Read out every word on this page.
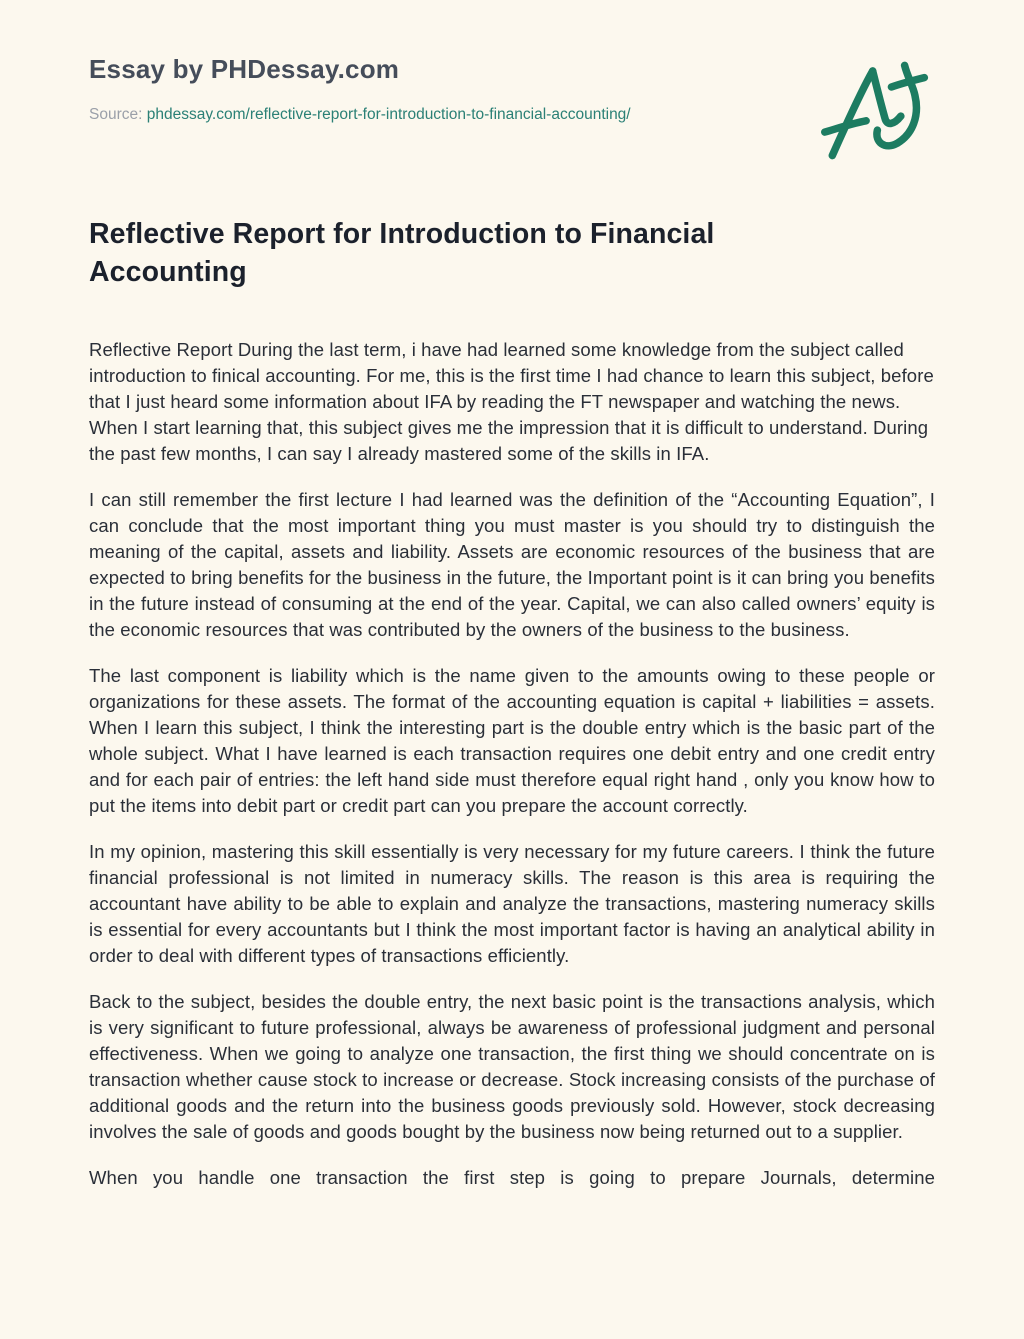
Essay by PHDessay.com

Source: phdessay.com/reflective-report-for-introduction-to-financial-accounting/

Reflective Report for Introduction to Financial Accounting

Reflective Report During the last term, i have had learned some knowledge from the subject called introduction to finical accounting. For me, this is the first time I had chance to learn this subject, before that I just heard some information about IFA by reading the FT newspaper and watching the news. When I start learning that, this subject gives me the impression that it is difficult to understand. During the past few months, I can say I already mastered some of the skills in IFA.

I can still remember the first lecture I had learned was the definition of the “Accounting Equation”, I can conclude that the most important thing you must master is you should try to distinguish the meaning of the capital, assets and liability. Assets are economic resources of the business that are expected to bring benefits for the business in the future, the Important point is it can bring you benefits in the future instead of consuming at the end of the year. Capital, we can also called owners’ equity is the economic resources that was contributed by the owners of the business to the business.

The last component is liability which is the name given to the amounts owing to these people or organizations for these assets. The format of the accounting equation is capital + liabilities = assets. When I learn this subject, I think the interesting part is the double entry which is the basic part of the whole subject. What I have learned is each transaction requires one debit entry and one credit entry and for each pair of entries: the left hand side must therefore equal right hand , only you know how to put the items into debit part or credit part can you prepare the account correctly.

In my opinion, mastering this skill essentially is very necessary for my future careers. I think the future financial professional is not limited in numeracy skills. The reason is this area is requiring the accountant have ability to be able to explain and analyze the transactions, mastering numeracy skills is essential for every accountants but I think the most important factor is having an analytical ability in order to deal with different types of transactions efficiently.

Back to the subject, besides the double entry, the next basic point is the transactions analysis, which is very significant to future professional, always be awareness of professional judgment and personal effectiveness. When we going to analyze one transaction, the first thing we should concentrate on is transaction whether cause stock to increase or decrease. Stock increasing consists of the purchase of additional goods and the return into the business goods previously sold. However, stock decreasing involves the sale of goods and goods bought by the business now being returned out to a supplier.

When you handle one transaction the first step is going to prepare Journals, determine
